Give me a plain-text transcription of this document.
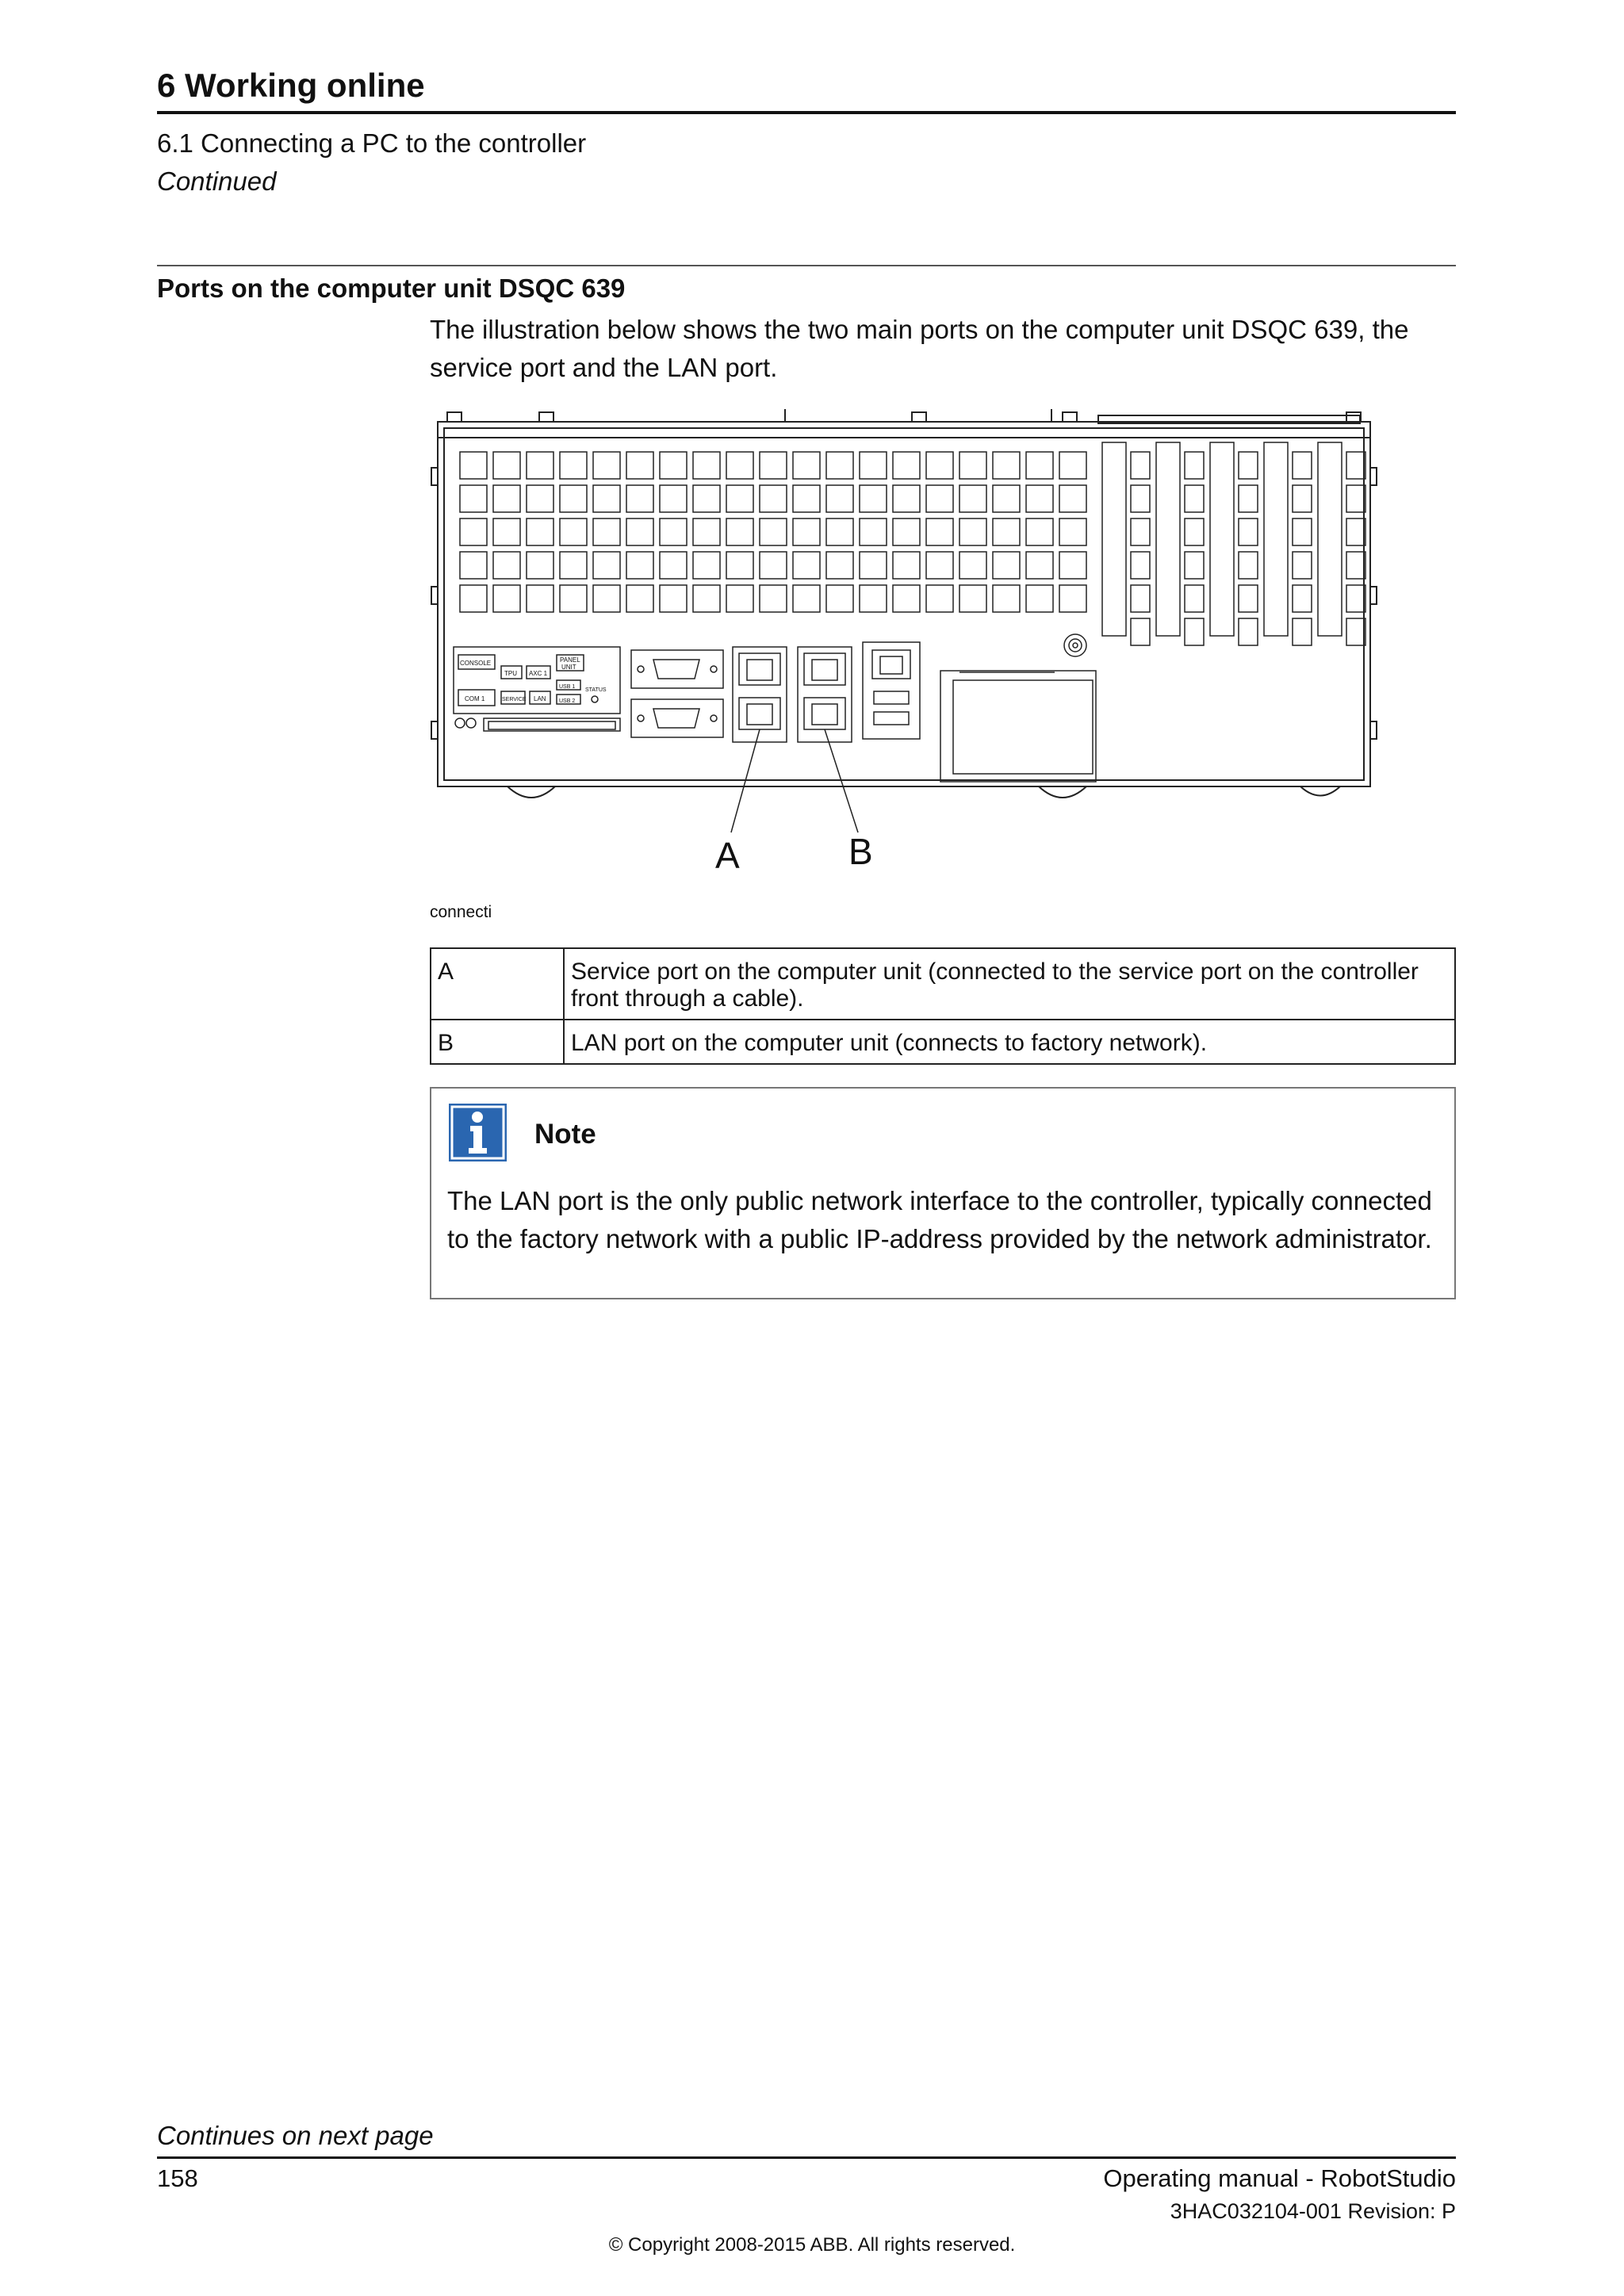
6 Working online
6.1 Connecting a PC to the controller
Continued
Ports on the computer unit DSQC 639
The illustration below shows the two main ports on the computer unit DSQC 639, the service port and the LAN port.
CONSOLE
TPU AXC 1
PANEL
UNIT
COM 1	SERVICE LAN
USB 1
USB 2
STATUS
A	B
connecti
A	Service port on the computer unit (connected to the service port on the controller front through a cable).
B	LAN port on the computer unit (connects to factory network).
Note
The LAN port is the only public network interface to the controller, typically connected to the factory network with a public IP-address provided by the network administrator.
Continues on next page
158	Operating manual - RobotStudio
3HAC032104-001 Revision: P
© Copyright 2008-2015 ABB. All rights reserved.
